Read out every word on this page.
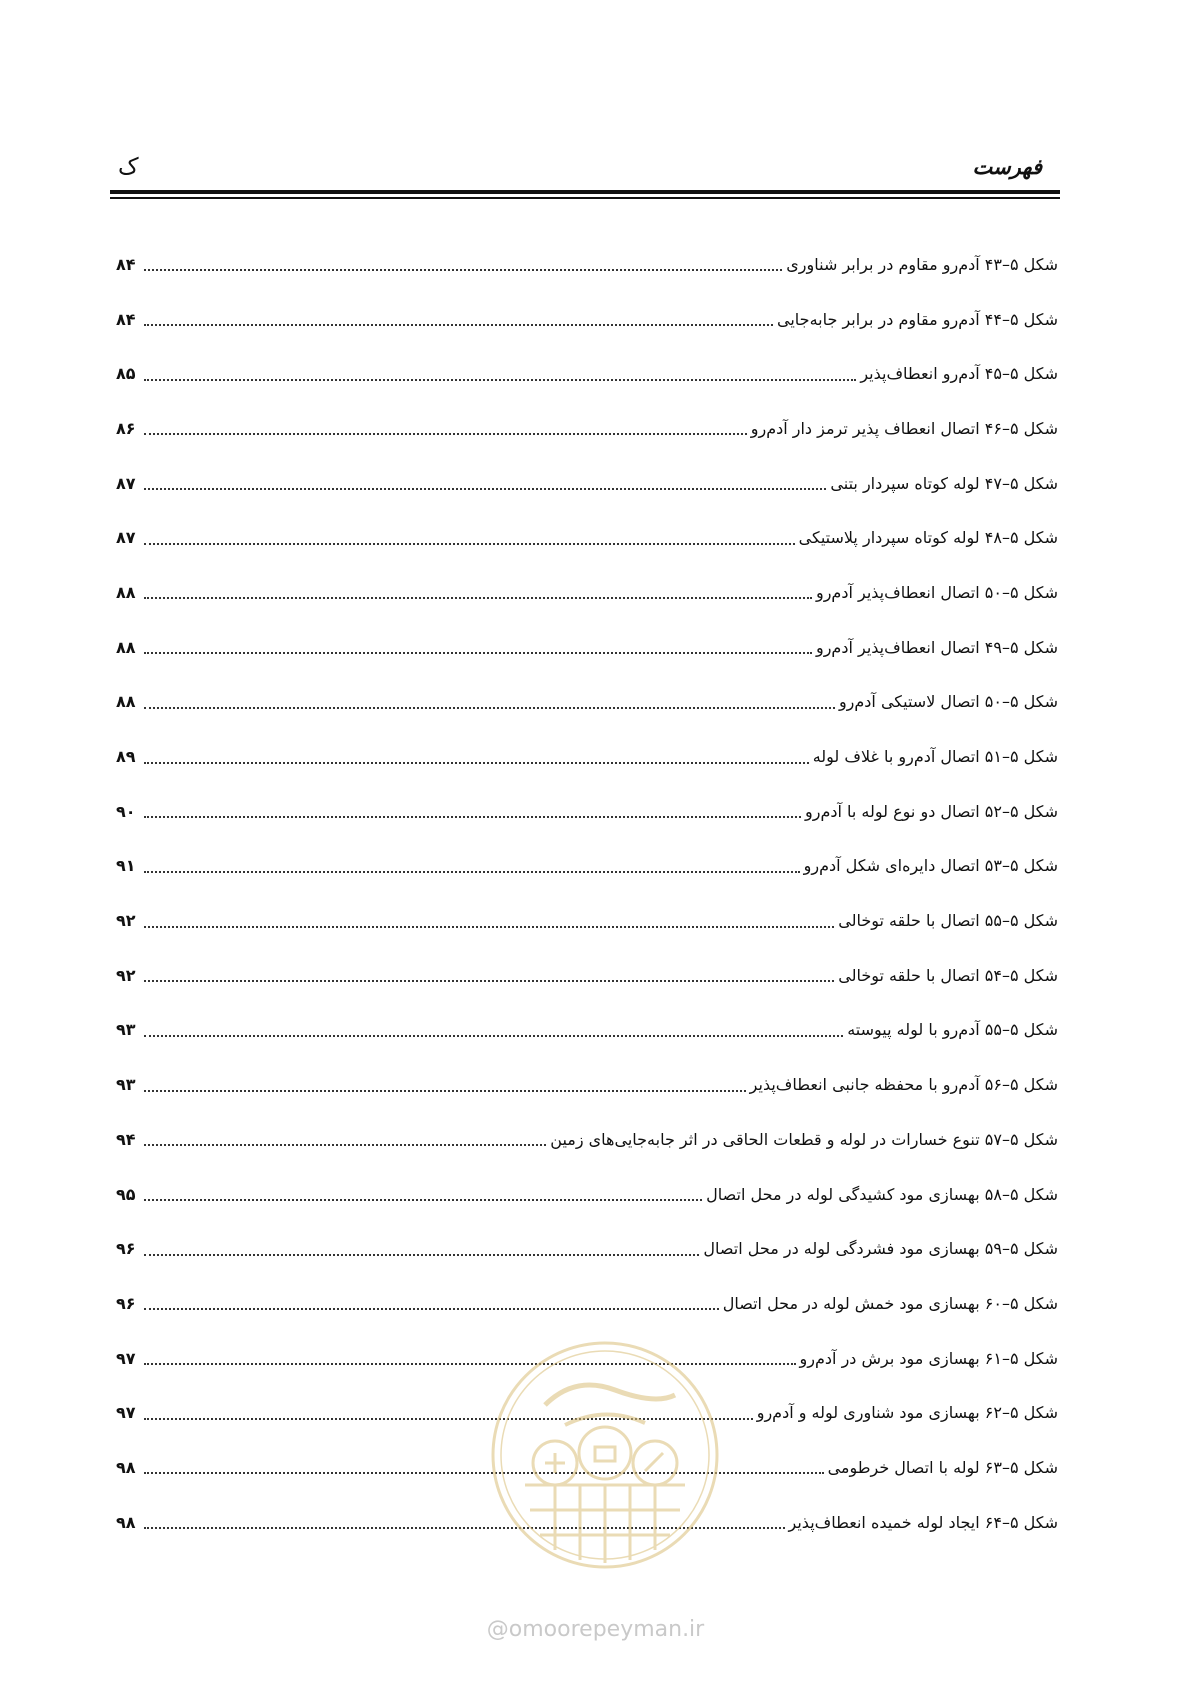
فهرست
ک
شکل ۵–۴۳ آدم‌رو مقاوم در برابر شناوری
۸۴
شکل ۵–۴۴ آدم‌رو مقاوم در برابر جابه‌جایی
۸۴
شکل ۵–۴۵ آدم‌رو انعطاف‌پذیر
۸۵
شکل ۵–۴۶ اتصال انعطاف پذیر ترمز دار آدم‌رو
۸۶
شکل ۵–۴۷ لوله کوتاه سپردار بتنی
۸۷
شکل ۵–۴۸ لوله کوتاه سپردار پلاستیکی
۸۷
شکل ۵–۵۰ اتصال انعطاف‌پذیر آدم‌رو
۸۸
شکل ۵–۴۹ اتصال انعطاف‌پذیر آدم‌رو
۸۸
شکل ۵–۵۰ اتصال لاستیکی آدم‌رو
۸۸
شکل ۵–۵۱ اتصال آدم‌رو با غلاف لوله
۸۹
شکل ۵–۵۲ اتصال دو نوع لوله با آدم‌رو
۹۰
شکل ۵–۵۳ اتصال دایره‌ای شکل آدم‌رو
۹۱
شکل ۵–۵۵ اتصال با حلقه توخالی
۹۲
شکل ۵–۵۴ اتصال با حلقه توخالی
۹۲
شکل ۵–۵۵ آدم‌رو با لوله پیوسته
۹۳
شکل ۵–۵۶ آدم‌رو با محفظه جانبی انعطاف‌پذیر
۹۳
شکل ۵–۵۷ تنوع خسارات در لوله و قطعات الحاقی در اثر جابه‌جایی‌های زمین
۹۴
شکل ۵–۵۸ بهسازی مود کشیدگی لوله در محل اتصال
۹۵
شکل ۵–۵۹ بهسازی مود فشردگی لوله در محل اتصال
۹۶
شکل ۵–۶۰ بهسازی مود خمش لوله در محل اتصال
۹۶
شکل ۵–۶۱ بهسازی مود برش در آدم‌رو
۹۷
شکل ۵–۶۲ بهسازی مود شناوری لوله و آدم‌رو
۹۷
شکل ۵–۶۳ لوله با اتصال خرطومی
۹۸
شکل ۵–۶۴ ایجاد لوله خمیده انعطاف‌پذیر
۹۸
@omoorepeyman.ir
